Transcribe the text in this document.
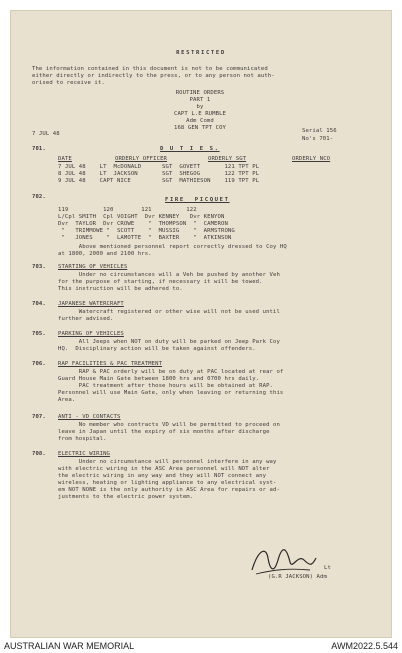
RESTRICTED
The information contained in this document is not to be communicated
either directly or indirectly to the press, or to any person not auth-
orised to receive it.
ROUTINE ORDERS
PART 1
by
CAPT L.E RUMBLE
Adm Comd
168 GEN TPT COY
7 JUL 48	Serial 156
No's 701-
701.	D U T I E S.
DATE	ORDERLY OFFICER	ORDERLY SGT	ORDERLY NCO
7 JUL 48    LT  McDONALD      SGT  GOVETT       121 TPT PL
8 JUL 48    LT  JACKSON       SGT  SHEGOG       122 TPT PL
9 JUL 48    CAPT NICE         SGT  MATHIESON    119 TPT PL
702.	FIRE  PICQUET
119          120        121          122
L/Cpl SMITH  Cpl VOIGHT  Dvr KENNEY   Dvr KENYON
Dvr  TAYLOR  Dvr CROWE    "  THOMPSON  "  CAMERON
"   TRIMMOWE "  SCOTT    "  MUSSIG    "  ARMSTRONG
"   JONES    "  LAMOTTE  "  BAXTER    "  ATKINSON
Above mentioned personnel report correctly dressed to Coy HQ
at 1800, 2000 and 2100 hrs.
703. STARTING OF VEHICLES
Under no circumstances will a Veh be pushed by another Veh
for the purpose of starting, if necessary it will be towed.
This instruction will be adhered to.
704. JAPANESE WATERCRAFT
Watercraft registered or other wise will not be used until
further advised.
705. PARKING OF VEHICLES
All Jeeps when NOT on duty will be parked on Jeep Park Coy
HQ.  Disciplinary action will be taken against offenders.
706. RAP FACILITIES & PAC TREATMENT
RAP & PAC orderly will be on duty at PAC located at rear of
Guard House Main Gate between 1800 hrs and 0700 hrs daily.
PAC treatment after those hours will be obtained at RAP.
Personnel will use Main Gate, only when leaving or returning this
Area.
707. ANTI - VD CONTACTS
No member who contracts VD will be permitted to proceed on
leave in Japan until the expiry of six months after discharge
from hospital.
708. ELECTRIC WIRING
Under no circumstance will personnel interfere in any way
with electric wiring in the ASC Area personnel will NOT alter
the electric wiring in any way and they will NOT connect any
wireless, heating or lighting appliance to any electrical syst-
em NOT NONE is the only authority in ASC Area for repairs or ad-
justments to the electric power system.
Lt
(G.R JACKSON) Adm
AUSTRALIAN WAR MEMORIAL	AWM2022.5.544
